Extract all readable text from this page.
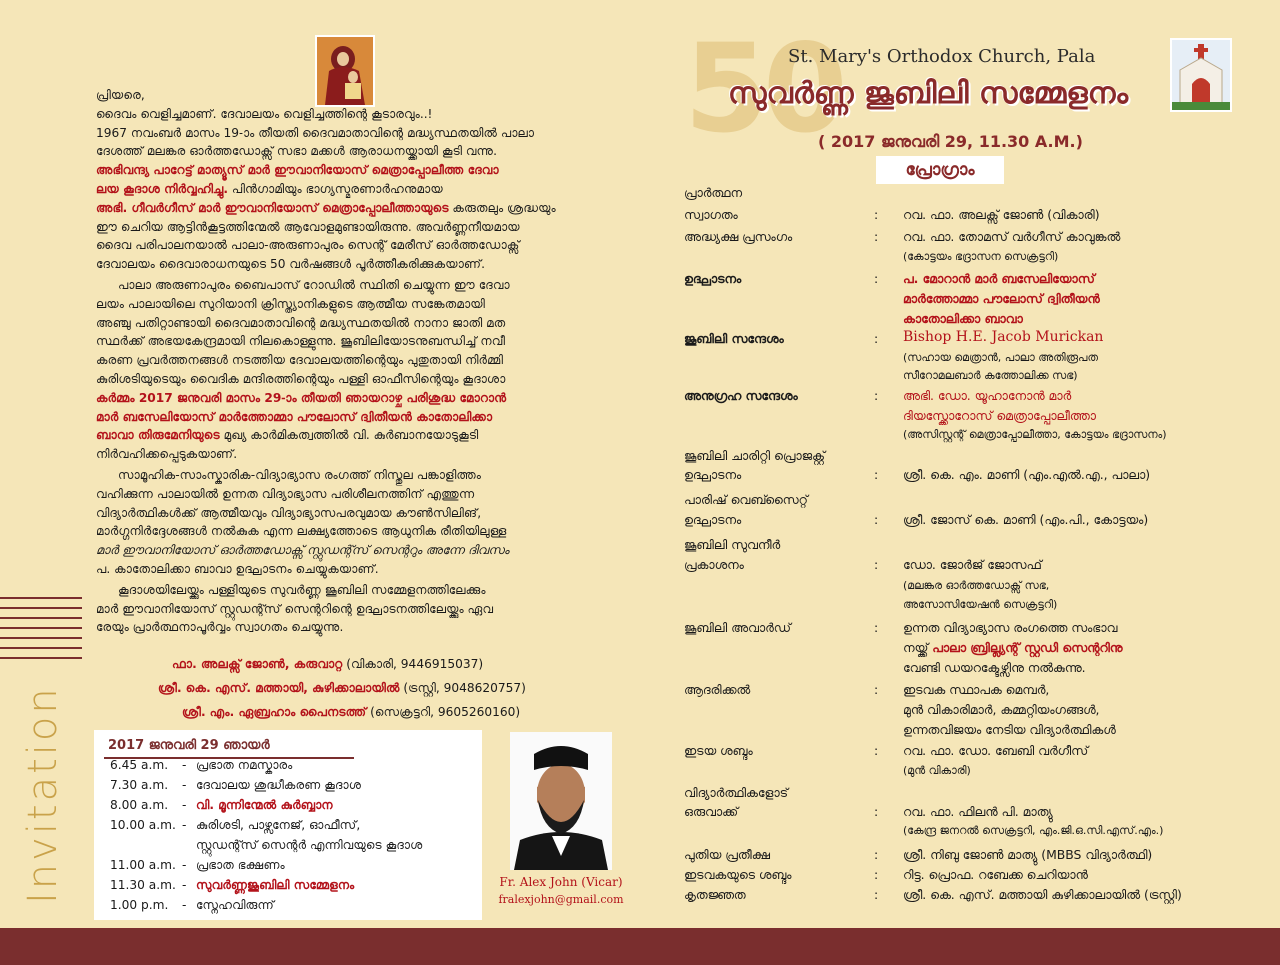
Invitation

പ്രിയരെ,

ദൈവം വെളിച്ചമാണ്. ദേവാലയം വെളിച്ചത്തിന്റെ കൂടാരവും..!

1967 നവംബർ മാസം 19-ാം തീയതി ദൈവമാതാവിന്റെ മദ്ധ്യസ്ഥതയിൽ പാലാ

ദേശത്ത് മലങ്കര ഓർത്തഡോക്സ് സഭാ മക്കൾ ആരാധനയ്ക്കായി കൂടി വന്നു.

അഭിവന്ദ്യ പാറേട്ട് മാത്യൂസ് മാർ ഈവാനിയോസ് മെത്രാപ്പോലീത്ത ദേവാ

ലയ കൂദാശ നിർവ്വഹിച്ചു. പിൻഗാമിയും ഭാഗ്യസ്മരണാർഹനുമായ

അഭി. ഗീവർഗീസ് മാർ ഈവാനിയോസ് മെത്രാപ്പോലീത്തായുടെ കരുതലും ശ്രദ്ധയും

ഈ ചെറിയ ആട്ടിൻകൂട്ടത്തിന്മേൽ ആവോളമുണ്ടായിരുന്നു. അവർണ്ണനീയമായ

ദൈവ പരിപാലനയാൽ പാലാ-അരുണാപുരം സെന്റ് മേരീസ് ഓർത്തഡോക്സ്

ദേവാലയം ദൈവാരാധനയുടെ 50 വർഷങ്ങൾ പൂർത്തീകരിക്കുകയാണ്.

പാലാ അരുണാപുരം ബൈപാസ് റോഡിൽ സ്ഥിതി ചെയ്യുന്ന ഈ ദേവാ

ലയം പാലായിലെ സുറിയാനി ക്രിസ്ത്യാനികളുടെ ആത്മീയ സങ്കേതമായി

അഞ്ചു പതിറ്റാണ്ടായി ദൈവമാതാവിന്റെ മദ്ധ്യസ്ഥതയിൽ നാനാ ജാതി മത

സ്ഥർക്ക് അഭയകേന്ദ്രമായി നിലകൊള്ളുന്നു. ജൂബിലിയോടനുബന്ധിച്ച് നവീ

കരണ പ്രവർത്തനങ്ങൾ നടത്തിയ ദേവാലയത്തിന്റെയും പുതുതായി നിർമ്മി

കുരിശടിയുടെയും വൈദിക മന്ദിരത്തിന്റെയും പള്ളി ഓഫീസിന്റെയും കൂദാശാ

കർമ്മം 2017 ജനുവരി മാസം 29-ാം തീയതി ഞായറാഴ്ച പരിശുദ്ധ മോറാൻ

മാർ ബസേലിയോസ് മാർത്തോമ്മാ പൗലോസ് ദ്വിതീയൻ കാതോലിക്കാ

ബാവാ തിരുമേനിയുടെ മുഖ്യ കാർമികത്വത്തിൽ വി. കുർബാനയോടുകൂടി

നിർവഹിക്കപ്പെടുകയാണ്.

സാമൂഹിക-സാംസ്കാരിക-വിദ്യാഭ്യാസ രംഗത്ത് നിസ്തുല പങ്കാളിത്തം

വഹിക്കുന്ന പാലായിൽ ഉന്നത വിദ്യാഭ്യാസ പരിശീലനത്തിന് എത്തുന്ന

വിദ്യാർത്ഥികൾക്ക് ആത്മീയവും വിദ്യാഭ്യാസപരവുമായ കൗൺസിലിങ്,

മാർഗ്ഗനിർദ്ദേശങ്ങൾ നൽകുക എന്ന ലക്ഷ്യത്തോടെ ആധുനിക രീതിയിലുള്ള

മാർ ഈവാനിയോസ് ഓർത്തഡോക്സ് സ്റ്റുഡന്റ്സ് സെന്ററും അന്നേ ദിവസം

പ. കാതോലിക്കാ ബാവാ ഉദ്ഘാടനം ചെയ്യുകയാണ്.

കൂദാശയിലേയ്ക്കും പള്ളിയുടെ സുവർണ്ണ ജൂബിലി സമ്മേളനത്തിലേക്കും

മാർ ഈവാനിയോസ് സ്റ്റുഡന്റ്സ് സെന്ററിന്റെ ഉദ്ഘാടനത്തിലേയ്ക്കും ഏവ

രേയും പ്രാർത്ഥനാപൂർവ്വം സ്വാഗതം ചെയ്യുന്നു.

ഫാ. അലക്സ് ജോൺ, കരുവാറ്റ (വികാരി, 9446915037)
ശ്രീ. കെ. എസ്. മത്തായി, കുഴിക്കാലായിൽ (ട്രസ്റ്റി, 9048620757)
ശ്രീ. എം. ഏബ്രഹാം പൈനടത്ത് (സെക്രട്ടറി, 9605260160)
2017 ജനുവരി 29 ഞായർ
6.45 a.m. - പ്രഭാത നമസ്കാരം
7.30 a.m. - ദേവാലയ ശുദ്ധീകരണ കൂദാശ
8.00 a.m. - വി. മൂന്നിന്മേൽ കുർബ്ബാന
10.00 a.m. - കുരിശടി, പാഴ്സനേജ്, ഓഫീസ്,
സ്റ്റുഡന്റ്സ് സെന്റർ എന്നിവയുടെ കൂദാശ
11.00 a.m. - പ്രഭാത ഭക്ഷണം
11.30 a.m. - സുവർണ്ണജൂബിലി സമ്മേളനം
1.00 p.m. - സ്നേഹവിരുന്ന്
Fr. Alex John (Vicar)
fralexjohn@gmail.com
50
St. Mary's Orthodox Church, Pala
സുവർണ്ണ ജൂബിലി സമ്മേളനം
( 2017 ജനുവരി 29, 11.30 A.M.)
പ്രോഗ്രാം
പ്രാർത്ഥന
സ്വാഗതം	: റവ. ഫാ. അലക്സ് ജോൺ (വികാരി)
അദ്ധ്യക്ഷ പ്രസംഗം	: റവ. ഫാ. തോമസ് വർഗീസ് കാവുങ്കൽ
(കോട്ടയം ഭദ്രാസന സെക്രട്ടറി)
ഉദ്ഘാടനം	: പ. മോറാൻ മാർ ബസേലിയോസ്
മാർത്തോമ്മാ പൗലോസ് ദ്വിതീയൻ
കാതോലിക്കാ ബാവാ
ജൂബിലി സന്ദേശം	: Bishop H.E. Jacob Murickan
(സഹായ മെത്രാൻ, പാലാ അതിരൂപത
സീറോമലബാർ കത്തോലിക്ക സഭ)
അനുഗ്രഹ സന്ദേശം	: അഭി. ഡോ. യൂഹാനോൻ മാർ
ദിയസ്ക്കോറോസ് മെത്രാപ്പോലീത്താ
(അസിസ്റ്റന്റ് മെത്രാപ്പോലീത്താ, കോട്ടയം ഭദ്രാസനം)
ജൂബിലി ചാരിറ്റി പ്രൊജക്റ്റ്
ഉദ്ഘാടനം	: ശ്രീ. കെ. എം. മാണി (എം.എൽ.എ., പാലാ)
പാരിഷ് വെബ്സൈറ്റ്
ഉദ്ഘാടനം	: ശ്രീ. ജോസ് കെ. മാണി (എം.പി., കോട്ടയം)
ജൂബിലി സുവനീർ
പ്രകാശനം	: ഡോ. ജോർജ് ജോസഫ്
(മലങ്കര ഓർത്തഡോക്സ് സഭ,
അസോസിയേഷൻ സെക്രട്ടറി)
ജൂബിലി അവാർഡ്	: ഉന്നത വിദ്യാഭ്യാസ രംഗത്തെ സംഭാവ
നയ്ക്ക് പാലാ ബ്രില്ല്യന്റ് സ്റ്റഡി സെന്ററിനു
വേണ്ടി ഡയറക്ടേഴ്സിനു നൽകുന്നു.
ആദരിക്കൽ	: ഇടവക സ്ഥാപക മെമ്പർ,
മുൻ വികാരിമാർ, കമ്മറ്റിയംഗങ്ങൾ,
ഉന്നതവിജയം നേടിയ വിദ്യാർത്ഥികൾ
ഇടയ ശബ്ദം	: റവ. ഫാ. ഡോ. ബേബി വർഗീസ്
(മുൻ വികാരി)
വിദ്യാർത്ഥികളോട്
ഒരുവാക്ക്	: റവ. ഫാ. ഫിലൻ പി. മാത്യു
(കേന്ദ്ര ജനറൽ സെക്രട്ടറി, എം.ജി.ഒ.സി.എസ്.എം.)
പുതിയ പ്രതീക്ഷ	: ശ്രീ. നിബു ജോൺ മാത്യു (MBBS വിദ്യാർത്ഥി)
ഇടവകയുടെ ശബ്ദം	: റിട്ട. പ്രൊഫ. റബേക്ക ചെറിയാൻ
കൃതജ്ഞത	: ശ്രീ. കെ. എസ്. മത്തായി കുഴിക്കാലായിൽ (ട്രസ്റ്റി)
